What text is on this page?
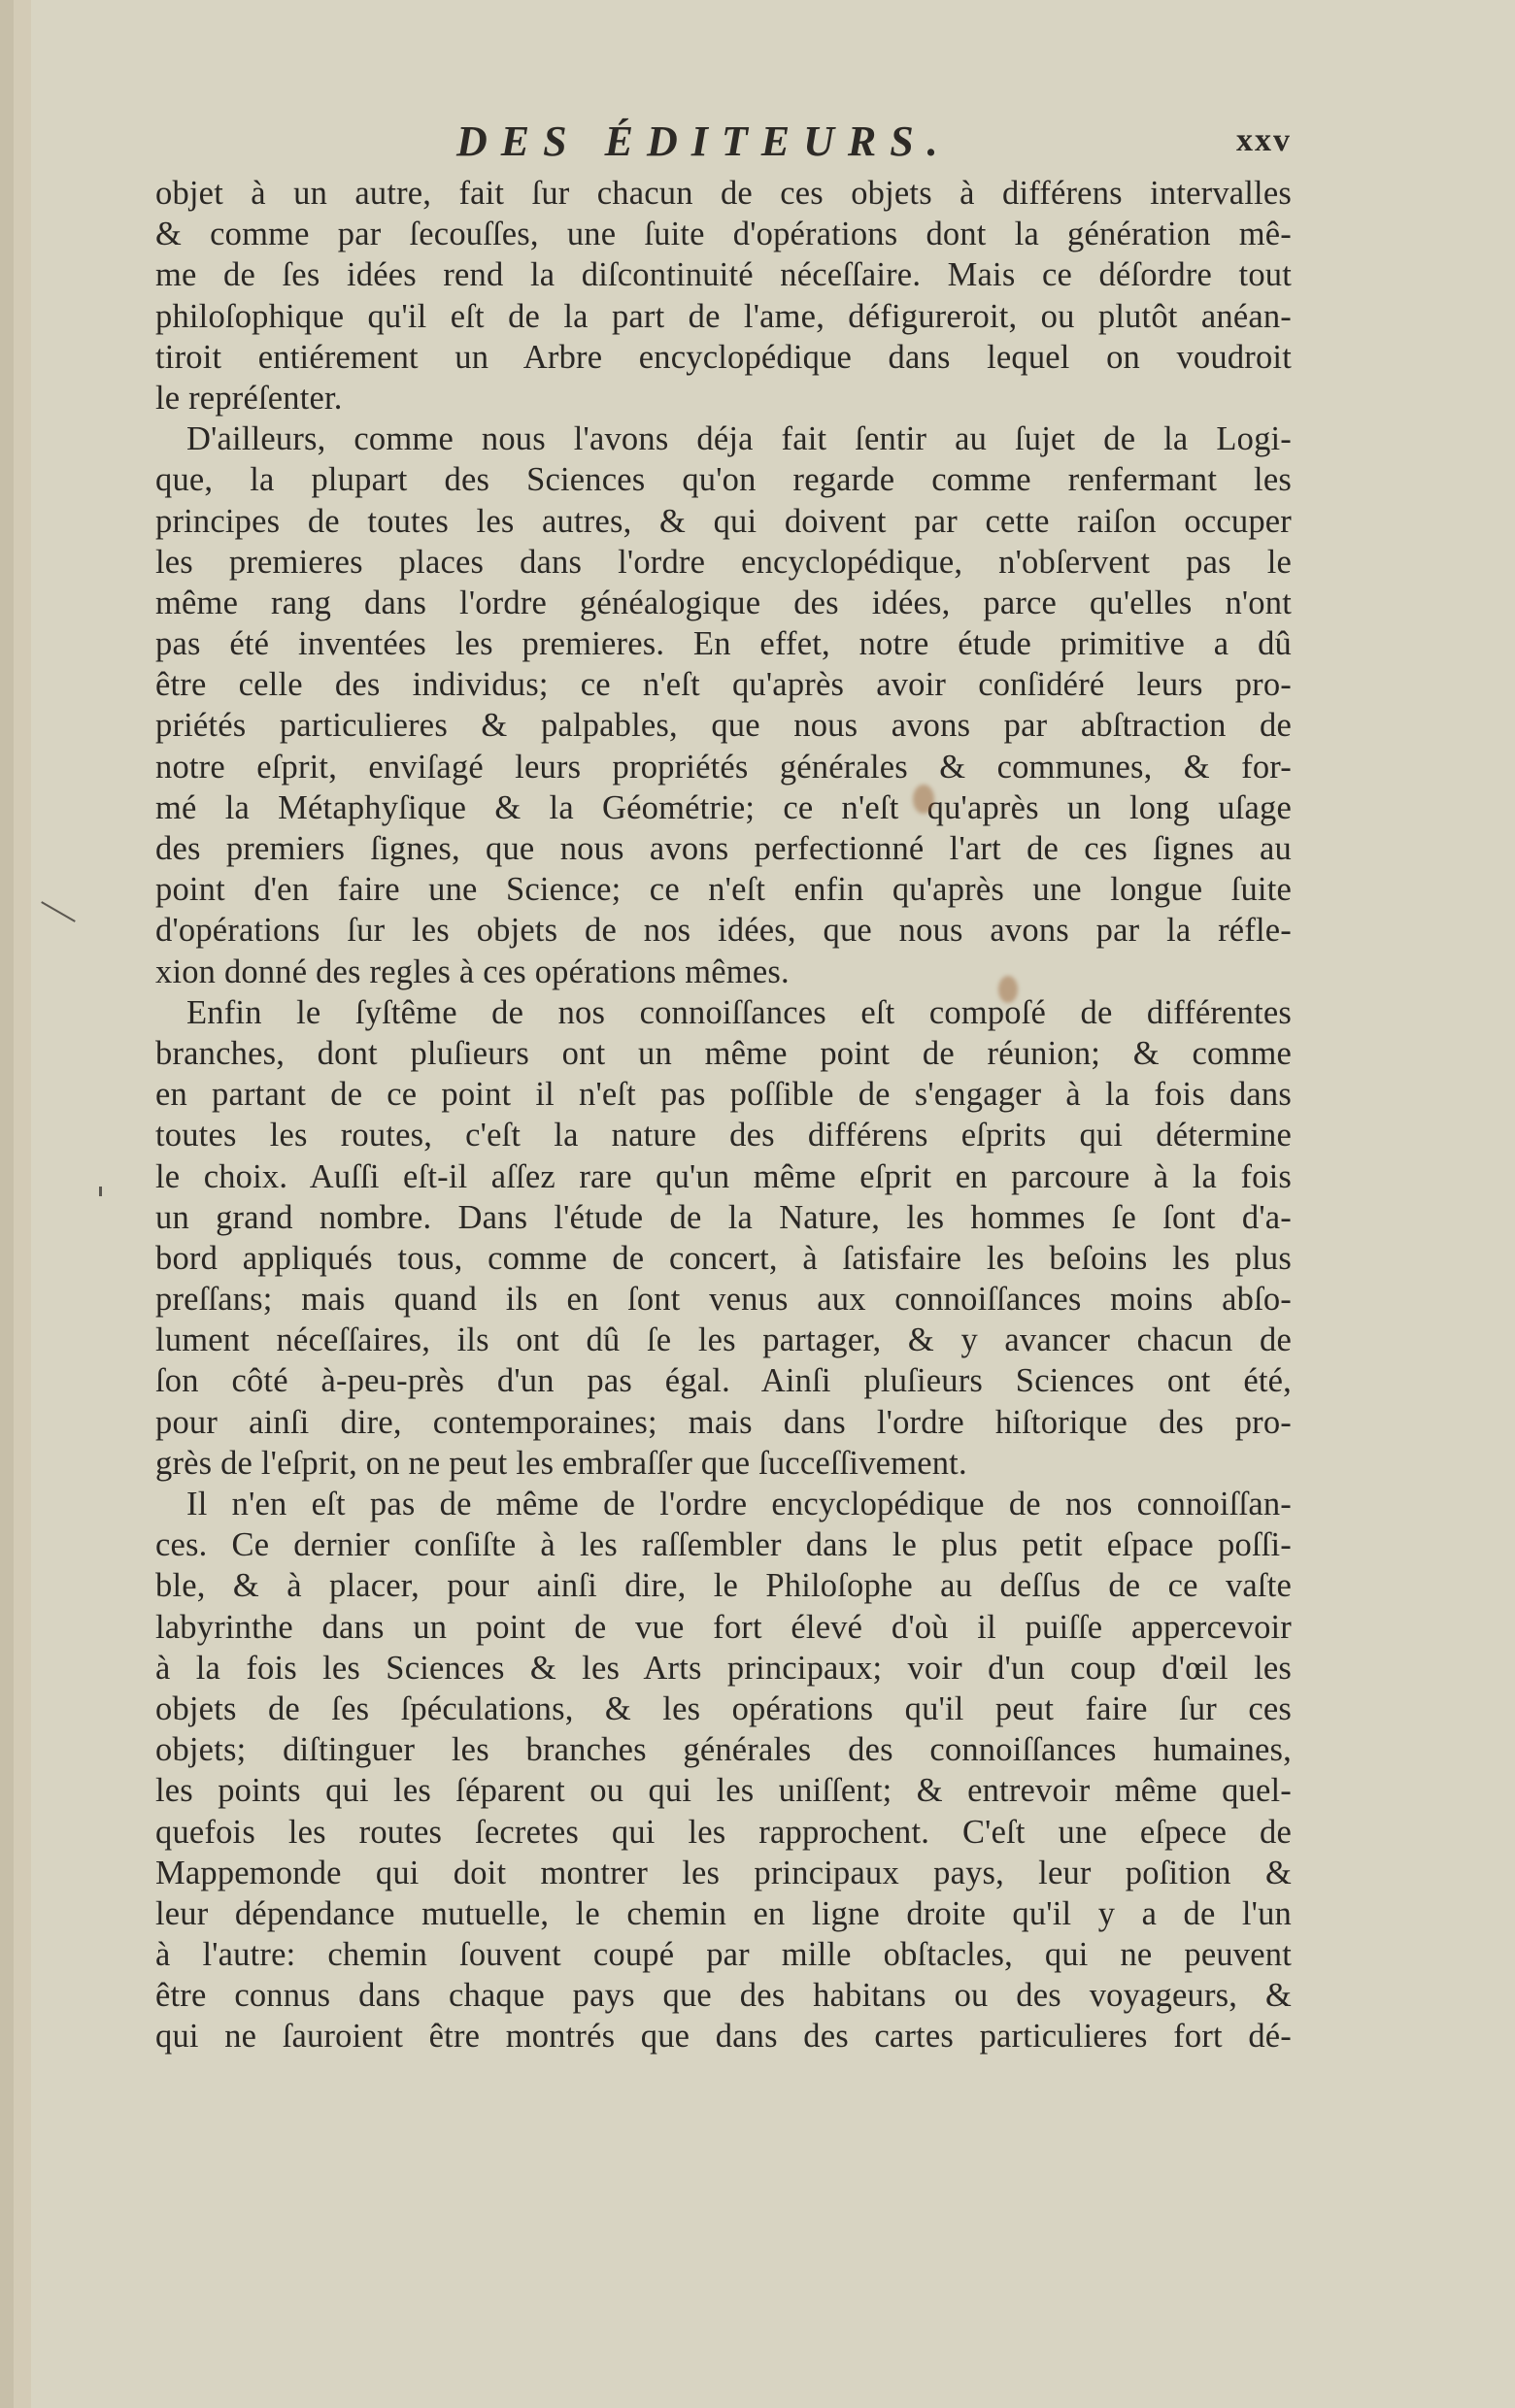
DES ÉDITEURS.	xxv
objet à un autre, fait ſur chacun de ces objets à différens intervalles
& comme par ſecouſſes, une ſuite d'opérations dont la génération mê-
me de ſes idées rend la diſcontinuité néceſſaire. Mais ce déſordre tout
philoſophique qu'il eſt de la part de l'ame, défigureroit, ou plutôt anéan-
tiroit entiérement un Arbre encyclopédique dans lequel on voudroit
le repréſenter.
D'ailleurs, comme nous l'avons déja fait ſentir au ſujet de la Logi-
que, la plupart des Sciences qu'on regarde comme renfermant les
principes de toutes les autres, & qui doivent par cette raiſon occuper
les premieres places dans l'ordre encyclopédique, n'obſervent pas le
même rang dans l'ordre généalogique des idées, parce qu'elles n'ont
pas été inventées les premieres. En effet, notre étude primitive a dû
être celle des individus; ce n'eſt qu'après avoir conſidéré leurs pro-
priétés particulieres & palpables, que nous avons par abſtraction de
notre eſprit, enviſagé leurs propriétés générales & communes, & for-
mé la Métaphyſique & la Géométrie; ce n'eſt qu'après un long uſage
des premiers ſignes, que nous avons perfectionné l'art de ces ſignes au
point d'en faire une Science; ce n'eſt enfin qu'après une longue ſuite
d'opérations ſur les objets de nos idées, que nous avons par la réfle-
xion donné des regles à ces opérations mêmes.
Enfin le ſyſtême de nos connoiſſances eſt compoſé de différentes
branches, dont pluſieurs ont un même point de réunion; & comme
en partant de ce point il n'eſt pas poſſible de s'engager à la fois dans
toutes les routes, c'eſt la nature des différens eſprits qui détermine
le choix. Auſſi eſt-il aſſez rare qu'un même eſprit en parcoure à la fois
un grand nombre. Dans l'étude de la Nature, les hommes ſe ſont d'a-
bord appliqués tous, comme de concert, à ſatisfaire les beſoins les plus
preſſans; mais quand ils en ſont venus aux connoiſſances moins abſo-
lument néceſſaires, ils ont dû ſe les partager, & y avancer chacun de
ſon côté à-peu-près d'un pas égal. Ainſi pluſieurs Sciences ont été,
pour ainſi dire, contemporaines; mais dans l'ordre hiſtorique des pro-
grès de l'eſprit, on ne peut les embraſſer que ſucceſſivement.
Il n'en eſt pas de même de l'ordre encyclopédique de nos connoiſſan-
ces. Ce dernier conſiſte à les raſſembler dans le plus petit eſpace poſſi-
ble, & à placer, pour ainſi dire, le Philoſophe au deſſus de ce vaſte
labyrinthe dans un point de vue fort élevé d'où il puiſſe appercevoir
à la fois les Sciences & les Arts principaux; voir d'un coup d'œil les
objets de ſes ſpéculations, & les opérations qu'il peut faire ſur ces
objets; diſtinguer les branches générales des connoiſſances humaines,
les points qui les ſéparent ou qui les uniſſent; & entrevoir même quel-
quefois les routes ſecretes qui les rapprochent. C'eſt une eſpece de
Mappemonde qui doit montrer les principaux pays, leur poſition &
leur dépendance mutuelle, le chemin en ligne droite qu'il y a de l'un
à l'autre: chemin ſouvent coupé par mille obſtacles, qui ne peuvent
être connus dans chaque pays que des habitans ou des voyageurs, &
qui ne ſauroient être montrés que dans des cartes particulieres fort dé-
